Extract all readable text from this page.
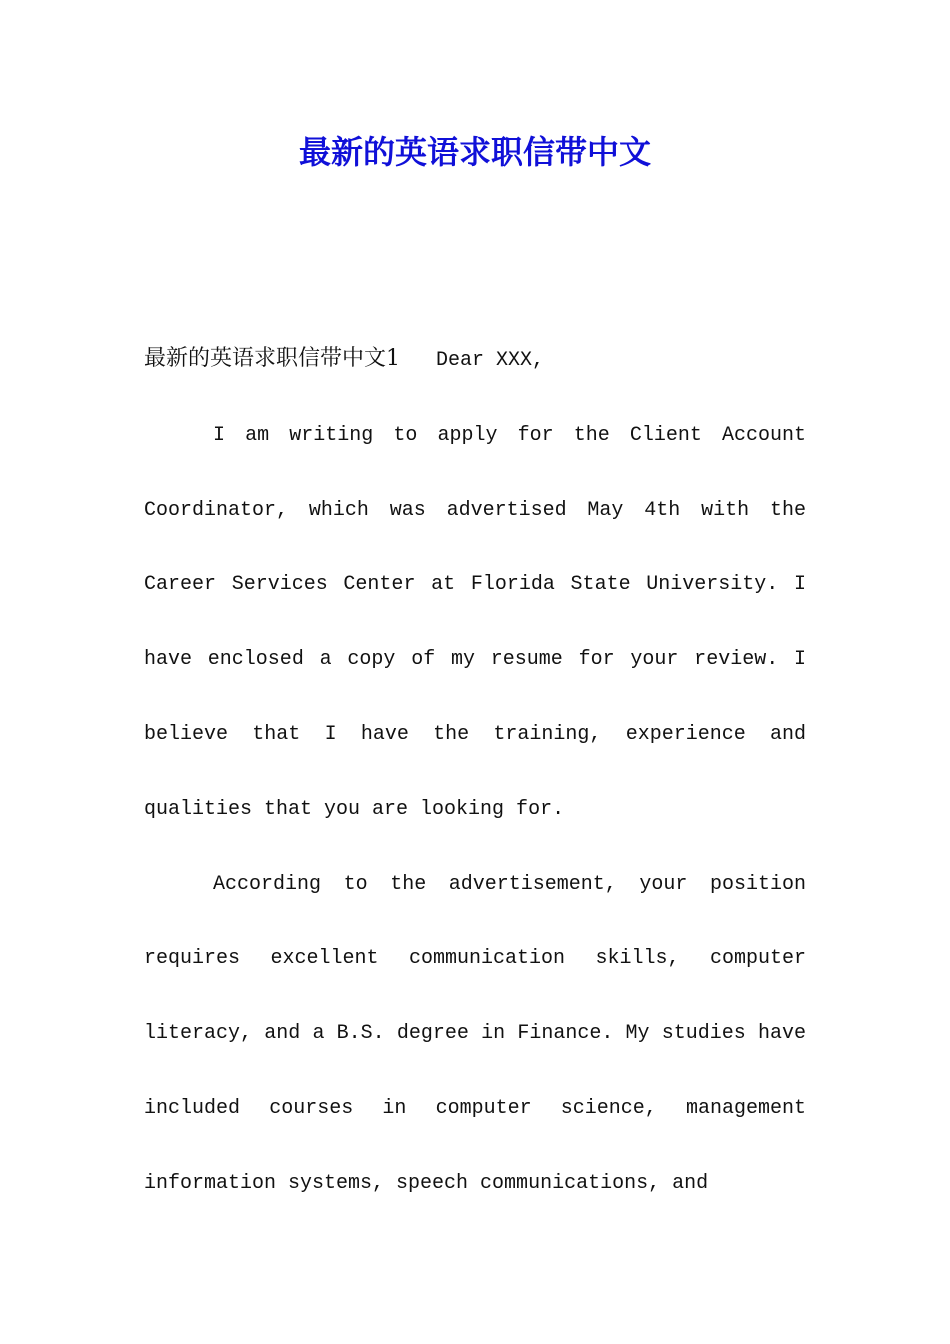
最新的英语求职信带中文

最新的英语求职信带中文1 Dear XXX,

I am writing to apply for the Client Account Coordinator, which was advertised May 4th with the Career Services Center at Florida State University. I have enclosed a copy of my resume for your review. I believe that I have the training, experience and qualities that you are looking for.

According to the advertisement, your position requires excellent communication skills, computer literacy, and a B.S. degree in Finance. My studies have included courses in computer science, management information systems, speech communications, and
